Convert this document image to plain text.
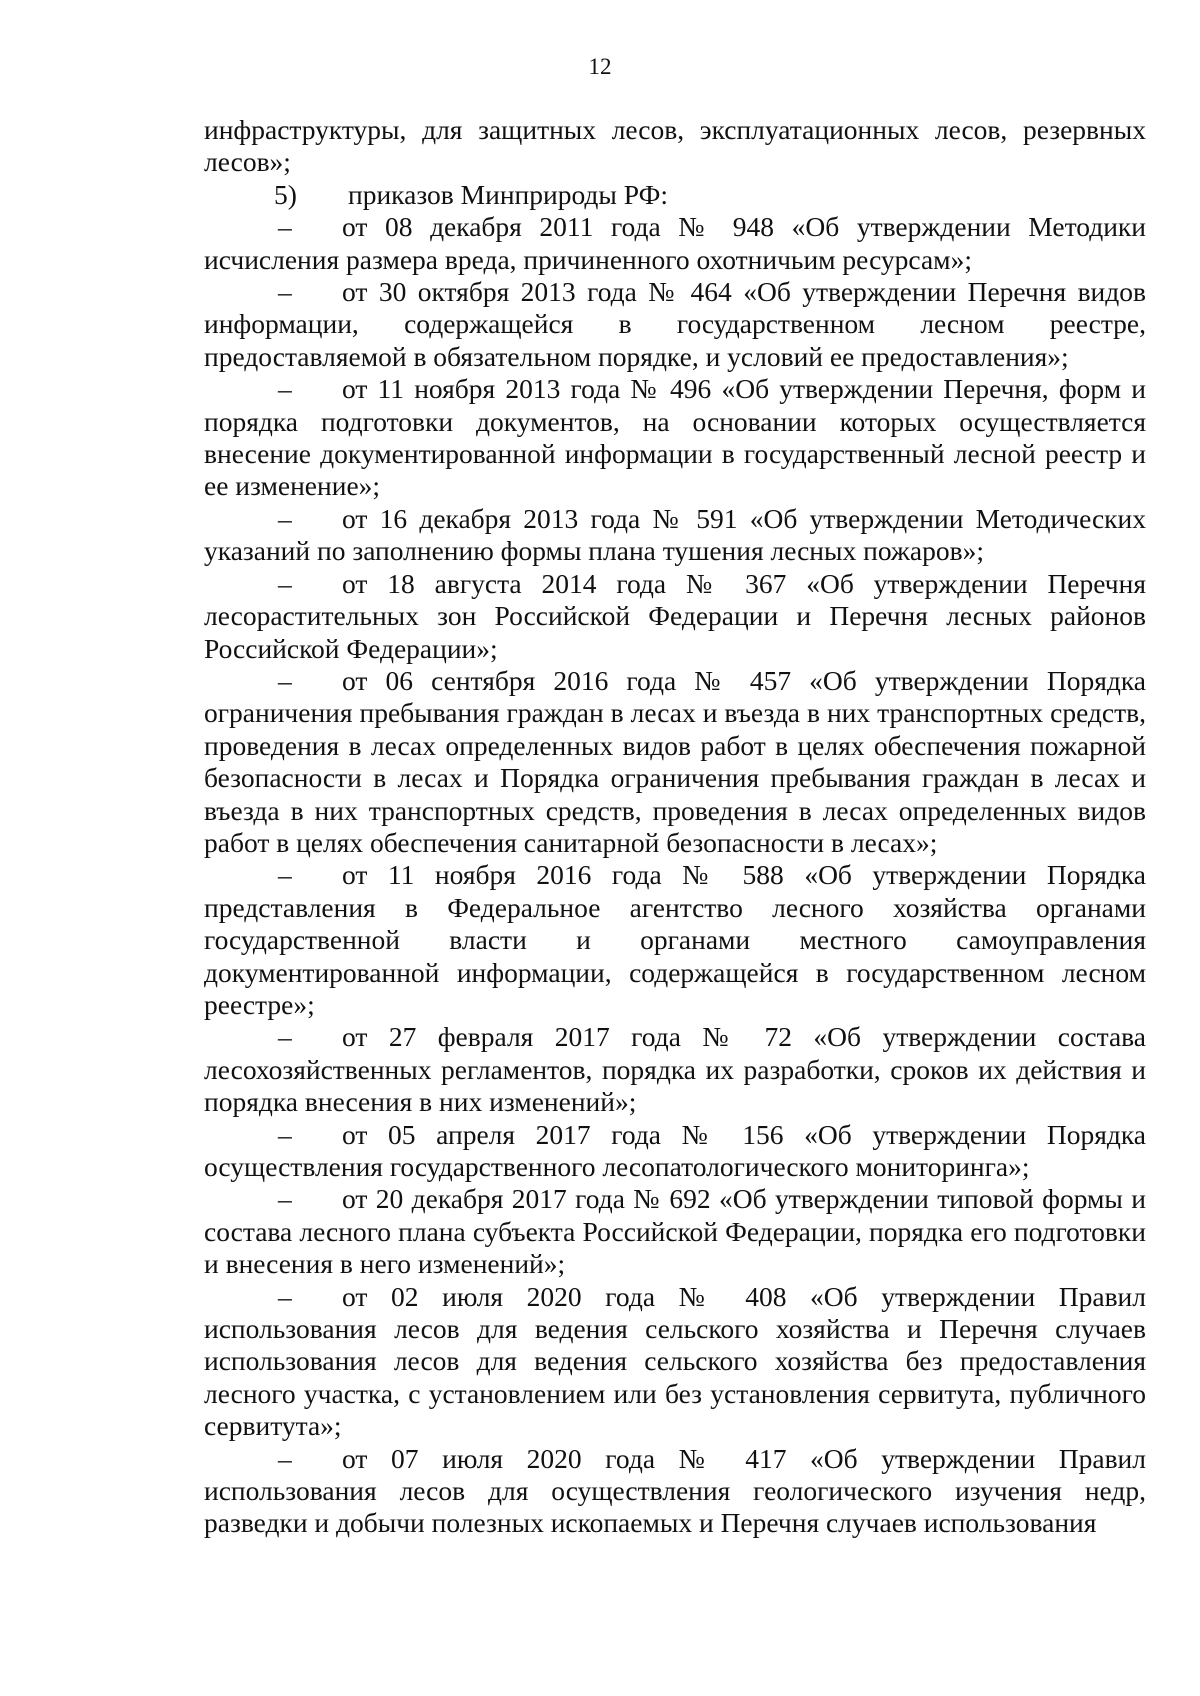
12

инфраструктуры, для защитных лесов, эксплуатационных лесов, резервных лесов»;

5) приказов Минприроды РФ:

– от 08 декабря 2011 года № 948 «Об утверждении Методики исчисления размера вреда, причиненного охотничьим ресурсам»;

– от 30 октября 2013 года № 464 «Об утверждении Перечня видов информации, содержащейся в государственном лесном реестре, предоставляемой в обязательном порядке, и условий ее предоставления»;

– от 11 ноября 2013 года № 496 «Об утверждении Перечня, форм и порядка подготовки документов, на основании которых осуществляется внесение документированной информации в государственный лесной реестр и ее изменение»;

– от 16 декабря 2013 года № 591 «Об утверждении Методических указаний по заполнению формы плана тушения лесных пожаров»;

– от 18 августа 2014 года № 367 «Об утверждении Перечня лесорастительных зон Российской Федерации и Перечня лесных районов Российской Федерации»;

– от 06 сентября 2016 года № 457 «Об утверждении Порядка ограничения пребывания граждан в лесах и въезда в них транспортных средств, проведения в лесах определенных видов работ в целях обеспечения пожарной безопасности в лесах и Порядка ограничения пребывания граждан в лесах и въезда в них транспортных средств, проведения в лесах определенных видов работ в целях обеспечения санитарной безопасности в лесах»;

– от 11 ноября 2016 года № 588 «Об утверждении Порядка представления в Федеральное агентство лесного хозяйства органами государственной власти и органами местного самоуправления документированной информации, содержащейся в государственном лесном реестре»;

– от 27 февраля 2017 года № 72 «Об утверждении состава лесохозяйственных регламентов, порядка их разработки, сроков их действия и порядка внесения в них изменений»;

– от 05 апреля 2017 года № 156 «Об утверждении Порядка осуществления государственного лесопатологического мониторинга»;

– от 20 декабря 2017 года № 692 «Об утверждении типовой формы и состава лесного плана субъекта Российской Федерации, порядка его подготовки и внесения в него изменений»;

– от 02 июля 2020 года № 408 «Об утверждении Правил использования лесов для ведения сельского хозяйства и Перечня случаев использования лесов для ведения сельского хозяйства без предоставления лесного участка, с установлением или без установления сервитута, публичного сервитута»;

– от 07 июля 2020 года № 417 «Об утверждении Правил использования лесов для осуществления геологического изучения недр, разведки и добычи полезных ископаемых и Перечня случаев использования
